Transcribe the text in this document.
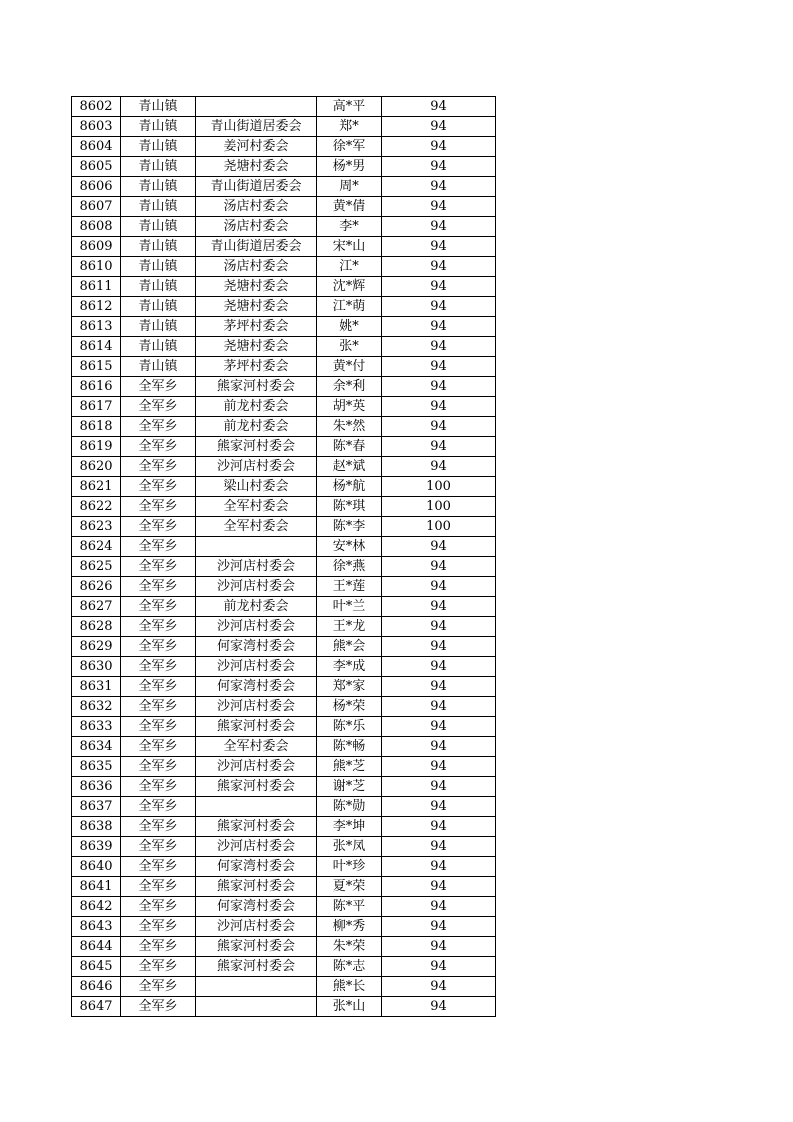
8602	青山镇		高*平	94
8603	青山镇	青山街道居委会	郑*	94
8604	青山镇	姜河村委会	徐*军	94
8605	青山镇	尧塘村委会	杨*男	94
8606	青山镇	青山街道居委会	周*	94
8607	青山镇	汤店村委会	黄*倩	94
8608	青山镇	汤店村委会	李*	94
8609	青山镇	青山街道居委会	宋*山	94
8610	青山镇	汤店村委会	江*	94
8611	青山镇	尧塘村委会	沈*辉	94
8612	青山镇	尧塘村委会	江*萌	94
8613	青山镇	茅坪村委会	姚*	94
8614	青山镇	尧塘村委会	张*	94
8615	青山镇	茅坪村委会	黄*付	94
8616	全军乡	熊家河村委会	余*利	94
8617	全军乡	前龙村委会	胡*英	94
8618	全军乡	前龙村委会	朱*然	94
8619	全军乡	熊家河村委会	陈*春	94
8620	全军乡	沙河店村委会	赵*斌	94
8621	全军乡	梁山村委会	杨*航	100
8622	全军乡	全军村委会	陈*琪	100
8623	全军乡	全军村委会	陈*李	100
8624	全军乡		安*林	94
8625	全军乡	沙河店村委会	徐*燕	94
8626	全军乡	沙河店村委会	王*莲	94
8627	全军乡	前龙村委会	叶*兰	94
8628	全军乡	沙河店村委会	王*龙	94
8629	全军乡	何家湾村委会	熊*会	94
8630	全军乡	沙河店村委会	李*成	94
8631	全军乡	何家湾村委会	郑*家	94
8632	全军乡	沙河店村委会	杨*荣	94
8633	全军乡	熊家河村委会	陈*乐	94
8634	全军乡	全军村委会	陈*畅	94
8635	全军乡	沙河店村委会	熊*芝	94
8636	全军乡	熊家河村委会	谢*芝	94
8637	全军乡		陈*勋	94
8638	全军乡	熊家河村委会	李*坤	94
8639	全军乡	沙河店村委会	张*凤	94
8640	全军乡	何家湾村委会	叶*珍	94
8641	全军乡	熊家河村委会	夏*荣	94
8642	全军乡	何家湾村委会	陈*平	94
8643	全军乡	沙河店村委会	柳*秀	94
8644	全军乡	熊家河村委会	朱*荣	94
8645	全军乡	熊家河村委会	陈*志	94
8646	全军乡		熊*长	94
8647	全军乡		张*山	94
